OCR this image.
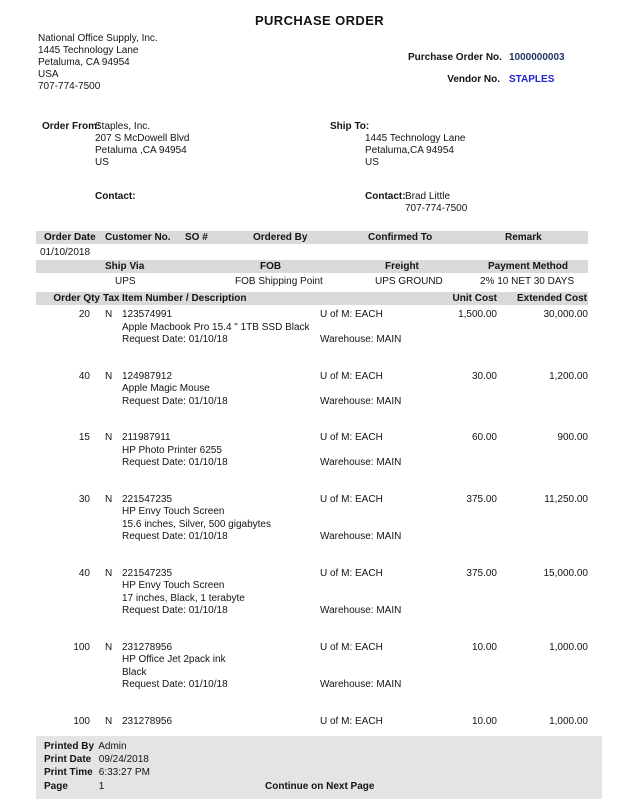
PURCHASE ORDER
National Office Supply, Inc.
1445 Technology Lane
Petaluma, CA 94954
USA
707-774-7500
Purchase Order No. 1000000003
Vendor No. STAPLES
Order From:
Staples, Inc.
207 S McDowell Blvd
Petaluma ,CA 94954
US
Ship To:
1445 Technology Lane
Petaluma,CA 94954
US
Contact:	Contact: Brad Little
707-774-7500
Order Date Customer No. SO #	Ordered By	Confirmed To	Remark
01/10/2018
Ship Via	FOB	Freight	Payment Method
UPS	FOB Shipping Point	UPS GROUND	2% 10 NET 30 DAYS
Order Qty Tax Item Number / Description	Unit Cost Extended Cost
20	N 123574991	U of M: EACH	1,500.00	30,000.00
Apple Macbook Pro 15.4 " 1TB SSD Black
Request Date: 01/10/18	Warehouse: MAIN
40	N 124987912	U of M: EACH	30.00	1,200.00
Apple Magic Mouse
Request Date: 01/10/18	Warehouse: MAIN
15	N 211987911	U of M: EACH	60.00	900.00
HP Photo Printer 6255
Request Date: 01/10/18	Warehouse: MAIN
30	N 221547235	U of M: EACH	375.00	11,250.00
HP Envy Touch Screen
15.6 inches, Silver, 500 gigabytes
Request Date: 01/10/18	Warehouse: MAIN
40	N 221547235	U of M: EACH	375.00	15,000.00
HP Envy Touch Screen
17 inches, Black, 1 terabyte
Request Date: 01/10/18	Warehouse: MAIN
100	N 231278956	U of M: EACH	10.00	1,000.00
HP Office Jet 2pack ink
Black
Request Date: 01/10/18	Warehouse: MAIN
100	N 231278956	U of M: EACH	10.00	1,000.00
Printed By Admin
Print Date 09/24/2018
Print Time 6:33:27 PM
Page	1	Continue on Next Page
